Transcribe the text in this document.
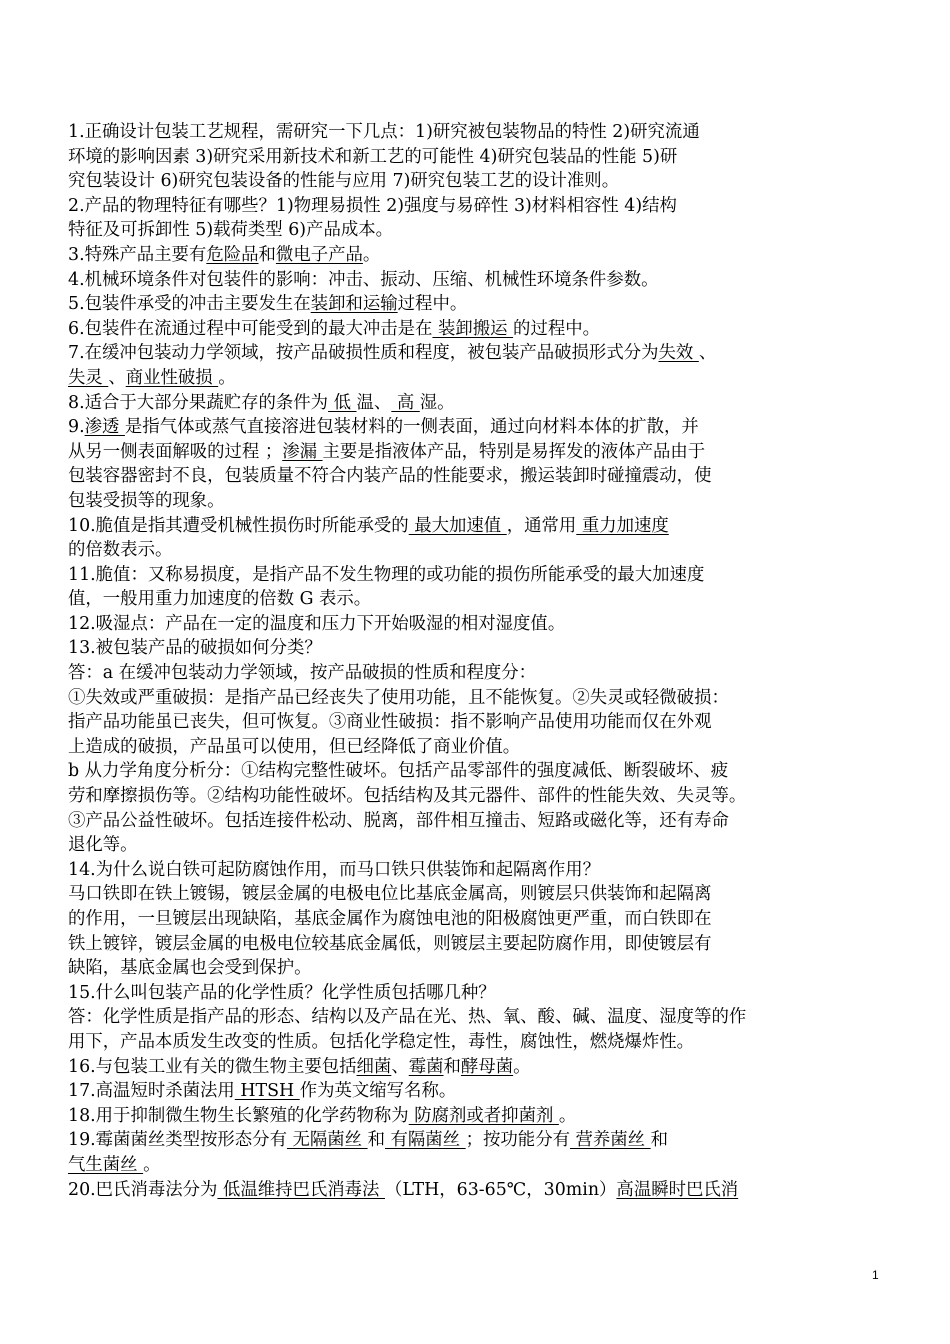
1.正确设计包装工艺规程，需研究一下几点：1)研究被包装物品的特性 2)研究流通
环境的影响因素 3)研究采用新技术和新工艺的可能性 4)研究包装品的性能 5)研
究包装设计 6)研究包装设备的性能与应用 7)研究包装工艺的设计准则。
2.产品的物理特征有哪些？1)物理易损性 2)强度与易碎性 3)材料相容性 4)结构
特征及可拆卸性 5)载荷类型 6)产品成本。
3.特殊产品主要有危险品和微电子产品。
4.机械环境条件对包装件的影响：冲击、振动、压缩、机械性环境条件参数。
5.包装件承受的冲击主要发生在装卸和运输过程中。
6.包装件在流通过程中可能受到的最大冲击是在 装卸搬运 的过程中。
7.在缓冲包装动力学领域，按产品破损性质和程度，被包装产品破损形式分为失效 、
失灵 、商业性破损 。
8.适合于大部分果蔬贮存的条件为 低 温、 高 湿。
9.渗透 是指气体或蒸气直接溶进包装材料的一侧表面，通过向材料本体的扩散，并
从另一侧表面解吸的过程 ；渗漏 主要是指液体产品，特别是易挥发的液体产品由于
包装容器密封不良，包装质量不符合内装产品的性能要求，搬运装卸时碰撞震动，使
包装受损等的现象。
10.脆值是指其遭受机械性损伤时所能承受的 最大加速值 ，通常用 重力加速度
的倍数表示。
11.脆值：又称易损度，是指产品不发生物理的或功能的损伤所能承受的最大加速度
值，一般用重力加速度的倍数 G 表示。
12.吸湿点：产品在一定的温度和压力下开始吸湿的相对湿度值。
13.被包装产品的破损如何分类？
答：a 在缓冲包装动力学领域，按产品破损的性质和程度分：
①失效或严重破损：是指产品已经丧失了使用功能，且不能恢复。②失灵或轻微破损：
指产品功能虽已丧失，但可恢复。③商业性破损：指不影响产品使用功能而仅在外观
上造成的破损，产品虽可以使用，但已经降低了商业价值。
b 从力学角度分析分：①结构完整性破坏。包括产品零部件的强度减低、断裂破坏、疲
劳和摩擦损伤等。②结构功能性破坏。包括结构及其元器件、部件的性能失效、失灵等。
③产品公益性破坏。包括连接件松动、脱离，部件相互撞击、短路或磁化等，还有寿命
退化等。
14.为什么说白铁可起防腐蚀作用，而马口铁只供装饰和起隔离作用？
马口铁即在铁上镀锡，镀层金属的电极电位比基底金属高，则镀层只供装饰和起隔离
的作用，一旦镀层出现缺陷，基底金属作为腐蚀电池的阳极腐蚀更严重，而白铁即在
铁上镀锌，镀层金属的电极电位较基底金属低，则镀层主要起防腐作用，即使镀层有
缺陷，基底金属也会受到保护。
15.什么叫包装产品的化学性质？化学性质包括哪几种？
答：化学性质是指产品的形态、结构以及产品在光、热、氧、酸、碱、温度、湿度等的作
用下，产品本质发生改变的性质。包括化学稳定性，毒性，腐蚀性，燃烧爆炸性。
16.与包装工业有关的微生物主要包括细菌、霉菌和酵母菌。
17.高温短时杀菌法用 HTSH 作为英文缩写名称。
18.用于抑制微生物生长繁殖的化学药物称为 防腐剂或者抑菌剂 。
19.霉菌菌丝类型按形态分有 无隔菌丝 和 有隔菌丝 ；按功能分有 营养菌丝 和
气生菌丝 。
20.巴氏消毒法分为 低温维持巴氏消毒法 （LTH，63-65℃，30min）高温瞬时巴氏消
1
